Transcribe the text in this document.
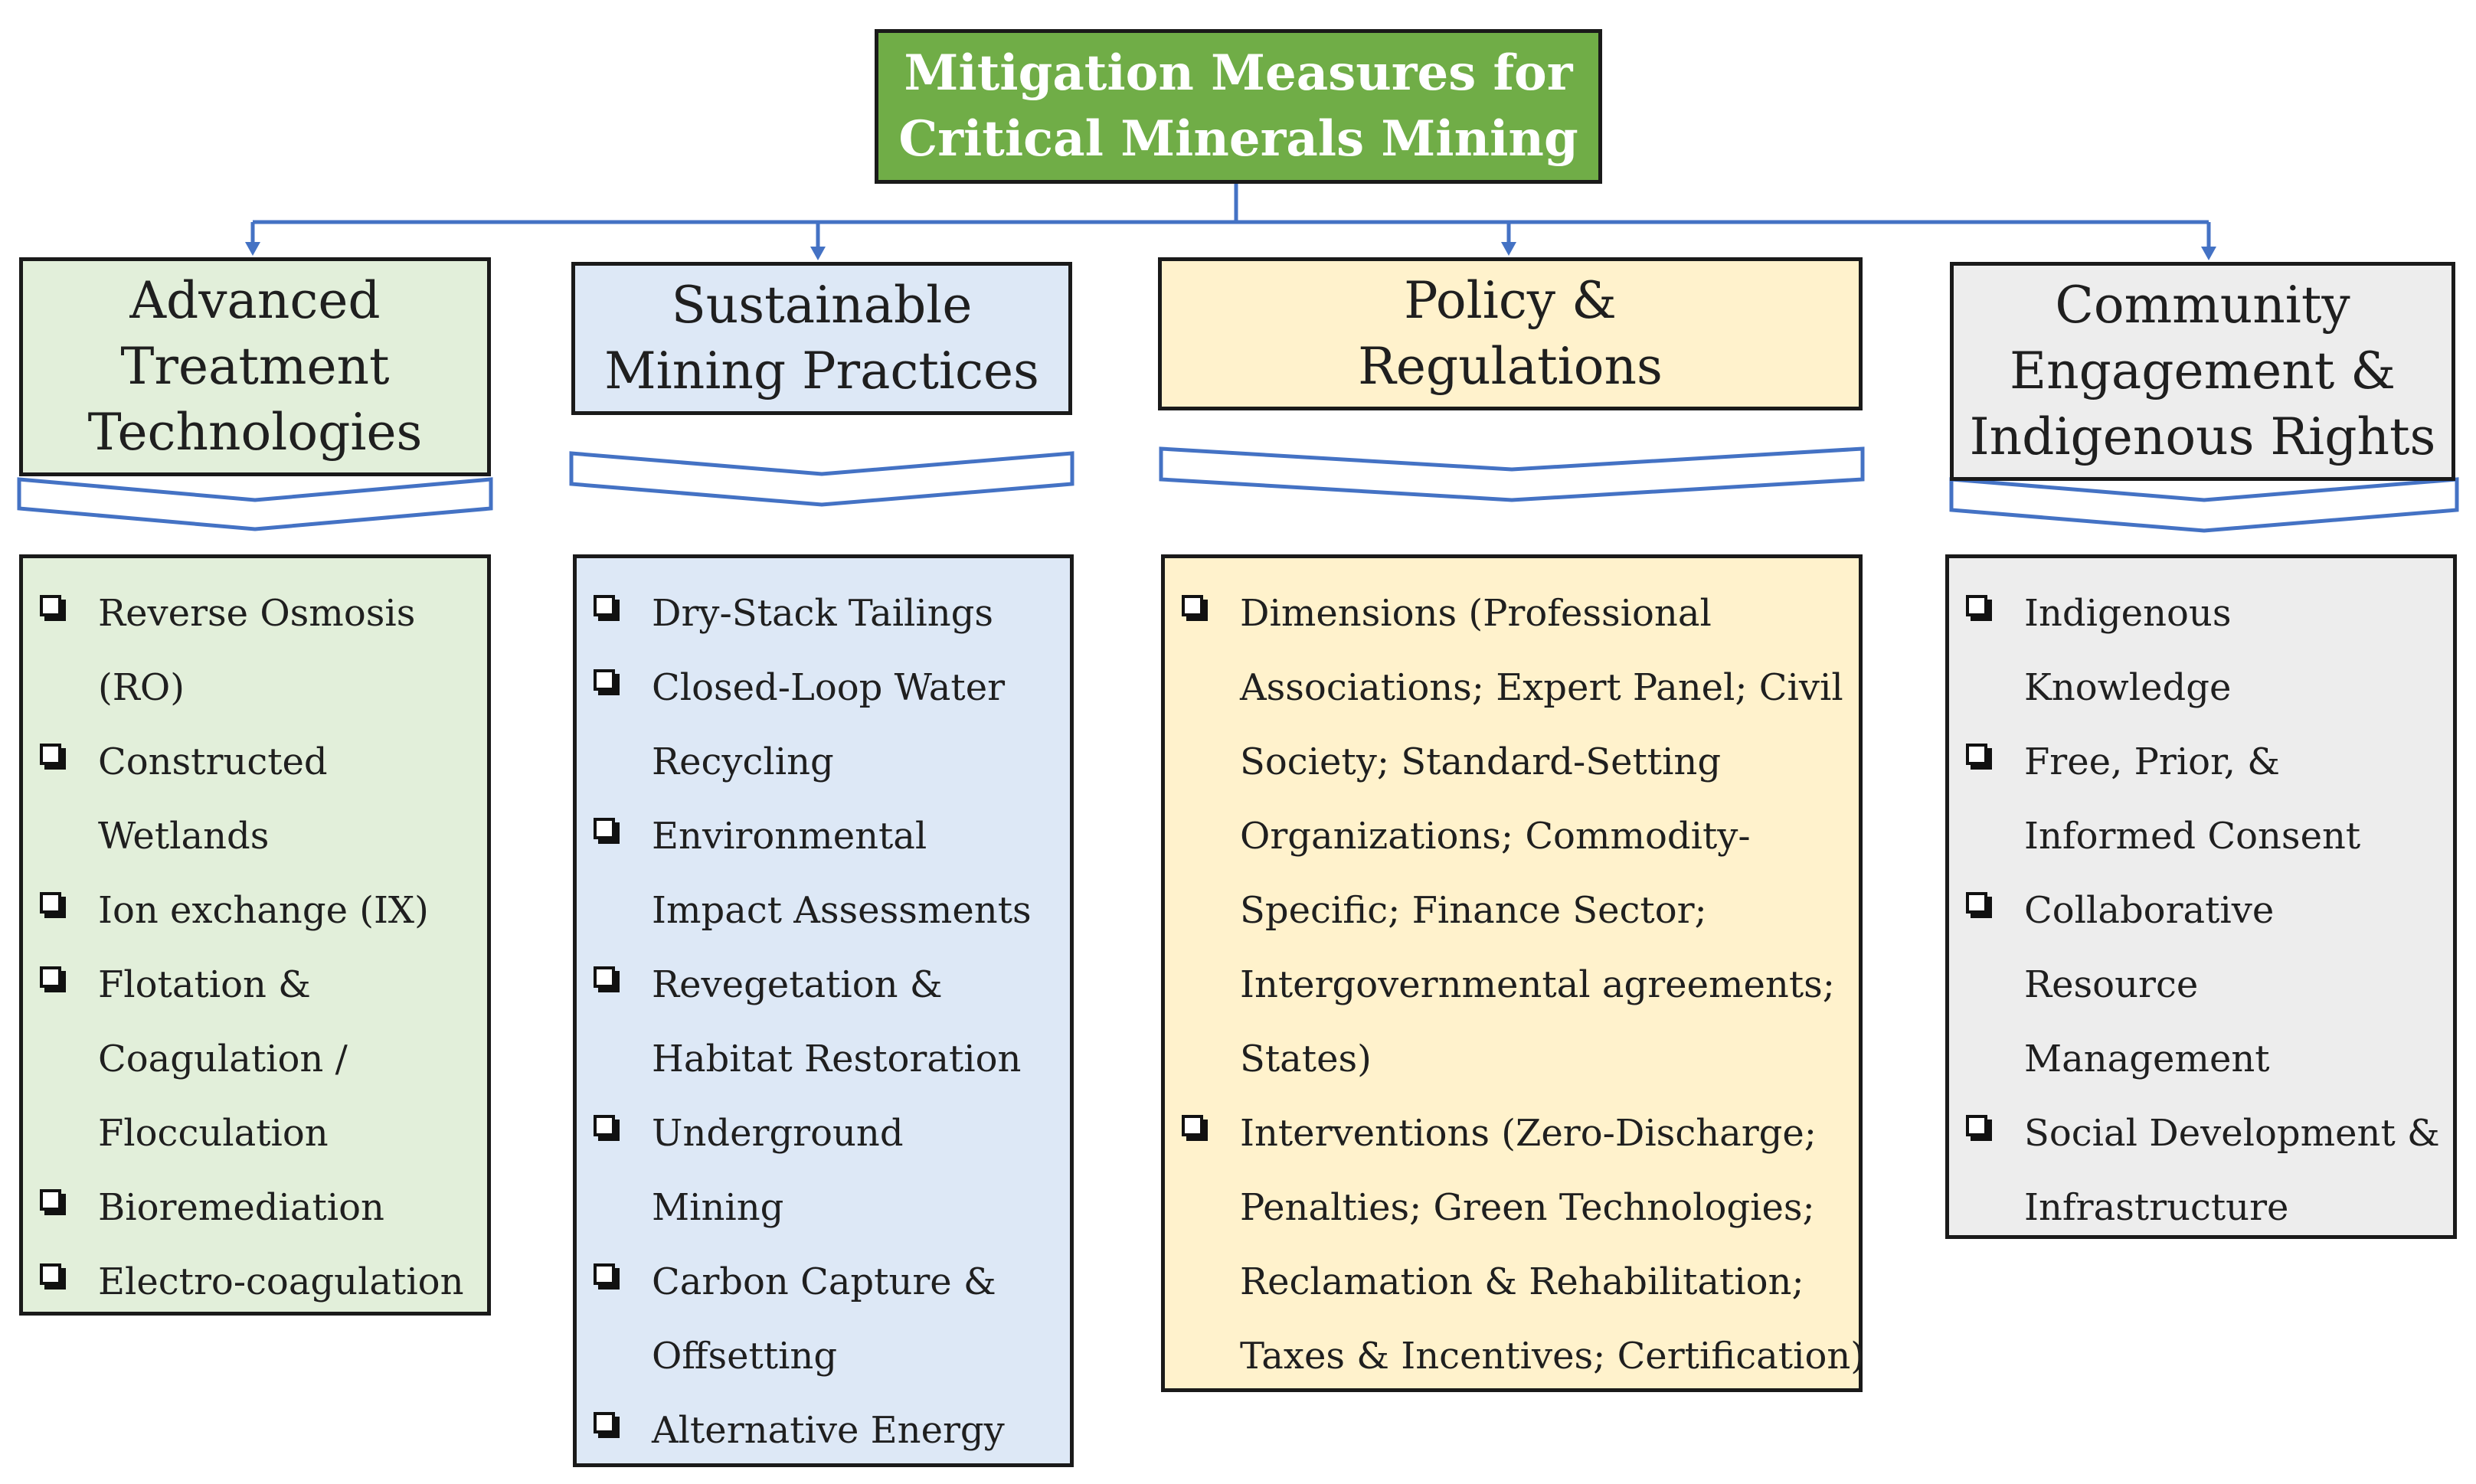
Mitigation Measures for
Critical Minerals Mining
Advanced
Treatment
Technologies
Reverse Osmosis
(RO)
Constructed
Wetlands
Ion exchange (IX)
Flotation &
Coagulation /
Flocculation
Bioremediation
Electro-coagulation
Sustainable
Mining Practices
Dry-Stack Tailings
Closed-Loop Water
Recycling
Environmental
Impact Assessments
Revegetation &
Habitat Restoration
Underground
Mining
Carbon Capture &
Offsetting
Alternative Energy
Policy &
Regulations
Dimensions (Professional
Associations; Expert Panel; Civil
Society; Standard-Setting
Organizations; Commodity-
Specific; Finance Sector;
Intergovernmental agreements;
States)
Interventions (Zero-Discharge;
Penalties; Green Technologies;
Reclamation & Rehabilitation;
Taxes & Incentives; Certification)
Community
Engagement &
Indigenous Rights
Indigenous
Knowledge
Free, Prior, &
Informed Consent
Collaborative
Resource
Management
Social Development &
Infrastructure
